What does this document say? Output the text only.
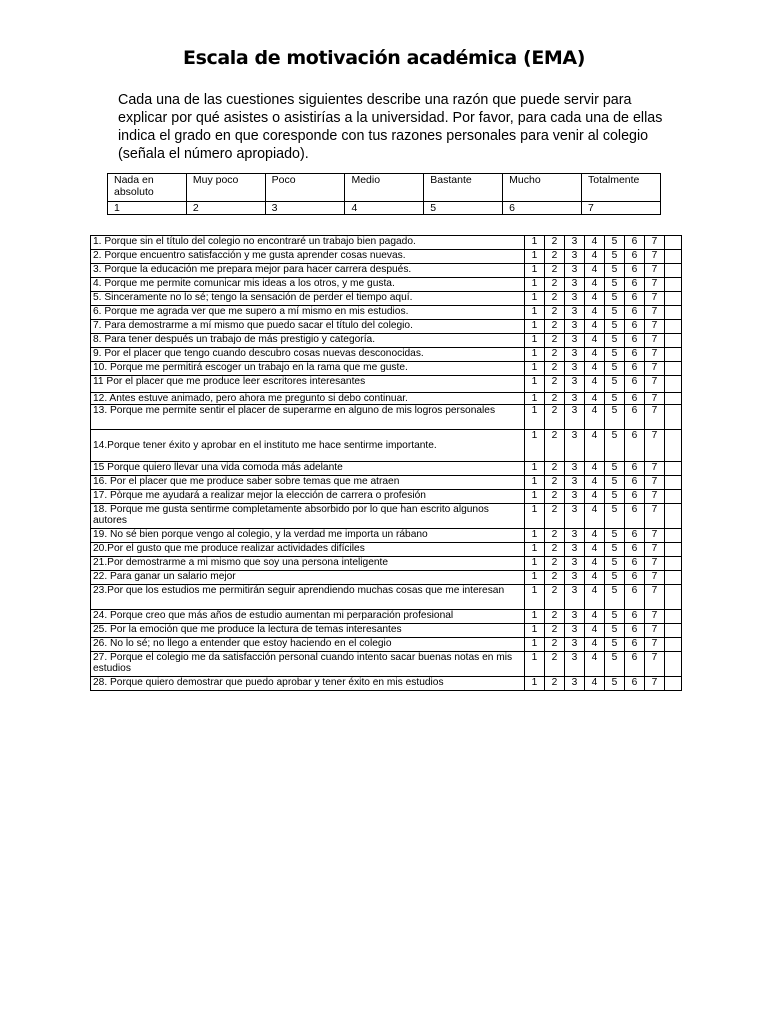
Escala de motivación académica (EMA)
Cada una de las cuestiones siguientes describe una razón que puede servir para explicar por qué asistes o asistirías a la universidad. Por favor, para cada una de ellas indica el grado en que coresponde con tus razones personales para venir al colegio (señala el número apropiado).
Nada en absoluto	Muy poco	Poco	Medio	Bastante	Mucho	Totalmente
1	2	3	4	5	6	7
1. Porque sin el título del colegio no encontraré un trabajo bien pagado.	1	2	3	4	5	6	7	
2. Porque encuentro satisfacción y me gusta aprender cosas nuevas.	1	2	3	4	5	6	7	
3. Porque la educación me prepara mejor para hacer carrera después.	1	2	3	4	5	6	7	
4. Porque me permite comunicar mis ideas a los otros, y me gusta.	1	2	3	4	5	6	7	
5. Sinceramente no lo sé; tengo la sensación de perder el tiempo aquí.	1	2	3	4	5	6	7	
6. Porque me agrada ver que me supero a mí mismo en mis estudios.	1	2	3	4	5	6	7	
7. Para demostrarme a mí mismo que puedo sacar el título del colegio.	1	2	3	4	5	6	7	
8. Para tener después un trabajo de más prestigio y categoría.	1	2	3	4	5	6	7	
9. Por el placer que tengo cuando descubro cosas nuevas desconocidas.	1	2	3	4	5	6	7	
10. Porque me permitirá escoger un trabajo en la rama que me guste.	1	2	3	4	5	6	7	
11 Por el placer que me produce leer escritores interesantes	1	2	3	4	5	6	7	
12. Antes estuve animado, pero ahora me pregunto si debo continuar.	1	2	3	4	5	6	7	
13. Porque me permite sentir el placer de superarme en alguno de mis logros personales	1	2	3	4	5	6	7	
14.Porque tener éxito y aprobar en el instituto me hace sentirme importante.	1	2	3	4	5	6	7	
15 Porque quiero llevar una vida comoda más adelante	1	2	3	4	5	6	7	
16. Por el placer que me produce saber sobre temas que me atraen	1	2	3	4	5	6	7	
17. Pòrque me ayudará a realizar mejor la elección de carrera o profesión	1	2	3	4	5	6	7	
18. Porque me gusta sentirme completamente absorbido por lo que han escrito algunos autores	1	2	3	4	5	6	7	
19. No sé bien porque vengo al colegio, y la verdad me importa un rábano	1	2	3	4	5	6	7	
20.Por el gusto que me produce realizar actividades difíciles	1	2	3	4	5	6	7	
21.Por demostrarme a mi mismo que soy una persona inteligente	1	2	3	4	5	6	7	
22. Para ganar un salario mejor	1	2	3	4	5	6	7	
23.Por que los estudios me permitirán seguir aprendiendo muchas cosas que me interesan	1	2	3	4	5	6	7	
24. Porque creo que más años de estudio aumentan mi perparación profesional	1	2	3	4	5	6	7	
25. Por la emoción que me produce la lectura de temas interesantes	1	2	3	4	5	6	7	
26. No lo sé; no llego a entender que estoy haciendo en el colegio	1	2	3	4	5	6	7	
27. Porque el colegio me da satisfacción personal cuando intento sacar buenas notas en mis estudios	1	2	3	4	5	6	7	
28. Porque quiero demostrar que puedo aprobar y tener éxito en mis estudios	1	2	3	4	5	6	7	
